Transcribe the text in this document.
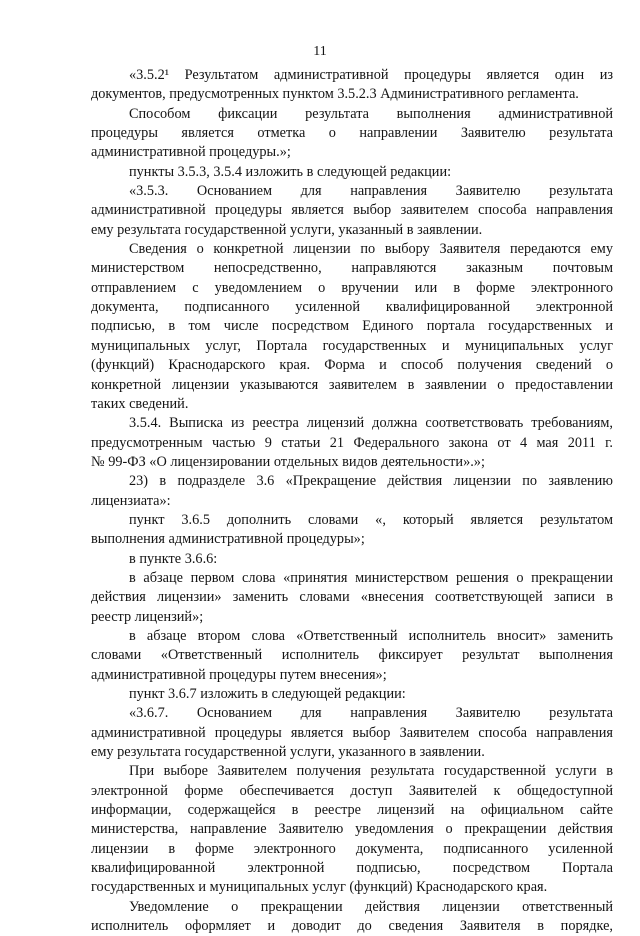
11
«3.5.2¹ Результатом административной процедуры является один из
документов, предусмотренных пунктом 3.5.2.3 Административного регламента.
Способом фиксации результата выполнения административной
процедуры является отметка о направлении Заявителю результата
административной процедуры.»;
пункты 3.5.3, 3.5.4 изложить в следующей редакции:
«3.5.3. Основанием для направления Заявителю результата
административной процедуры является выбор заявителем способа направления
ему результата государственной услуги, указанный в заявлении.
Сведения о конкретной лицензии по выбору Заявителя передаются ему
министерством непосредственно, направляются заказным почтовым
отправлением с уведомлением о вручении или в форме электронного
документа, подписанного усиленной квалифицированной электронной
подписью, в том числе посредством Единого портала государственных и
муниципальных услуг, Портала государственных и муниципальных услуг
(функций) Краснодарского края. Форма и способ получения сведений о
конкретной лицензии указываются заявителем в заявлении о предоставлении
таких сведений.
3.5.4. Выписка из реестра лицензий должна соответствовать требованиям,
предусмотренным частью 9 статьи 21 Федерального закона от 4 мая 2011 г.
№ 99-ФЗ «О лицензировании отдельных видов деятельности».»;
23) в подразделе 3.6 «Прекращение действия лицензии по заявлению
лицензиата»:
пункт 3.6.5 дополнить словами «, который является результатом
выполнения административной процедуры»;
в пункте 3.6.6:
в абзаце первом слова «принятия министерством решения о прекращении
действия лицензии» заменить словами «внесения соответствующей записи в
реестр лицензий»;
в абзаце втором слова «Ответственный исполнитель вносит» заменить
словами «Ответственный исполнитель фиксирует результат выполнения
административной процедуры путем внесения»;
пункт 3.6.7 изложить в следующей редакции:
«3.6.7. Основанием для направления Заявителю результата
административной процедуры является выбор Заявителем способа направления
ему результата государственной услуги, указанного в заявлении.
При выборе Заявителем получения результата государственной услуги в
электронной форме обеспечивается доступ Заявителей к общедоступной
информации, содержащейся в реестре лицензий на официальном сайте
министерства, направление Заявителю уведомления о прекращении действия
лицензии в форме электронного документа, подписанного усиленной
квалифицированной электронной подписью, посредством Портала
государственных и муниципальных услуг (функций) Краснодарского края.
Уведомление о прекращении действия лицензии ответственный
исполнитель оформляет и доводит до сведения Заявителя в порядке,
